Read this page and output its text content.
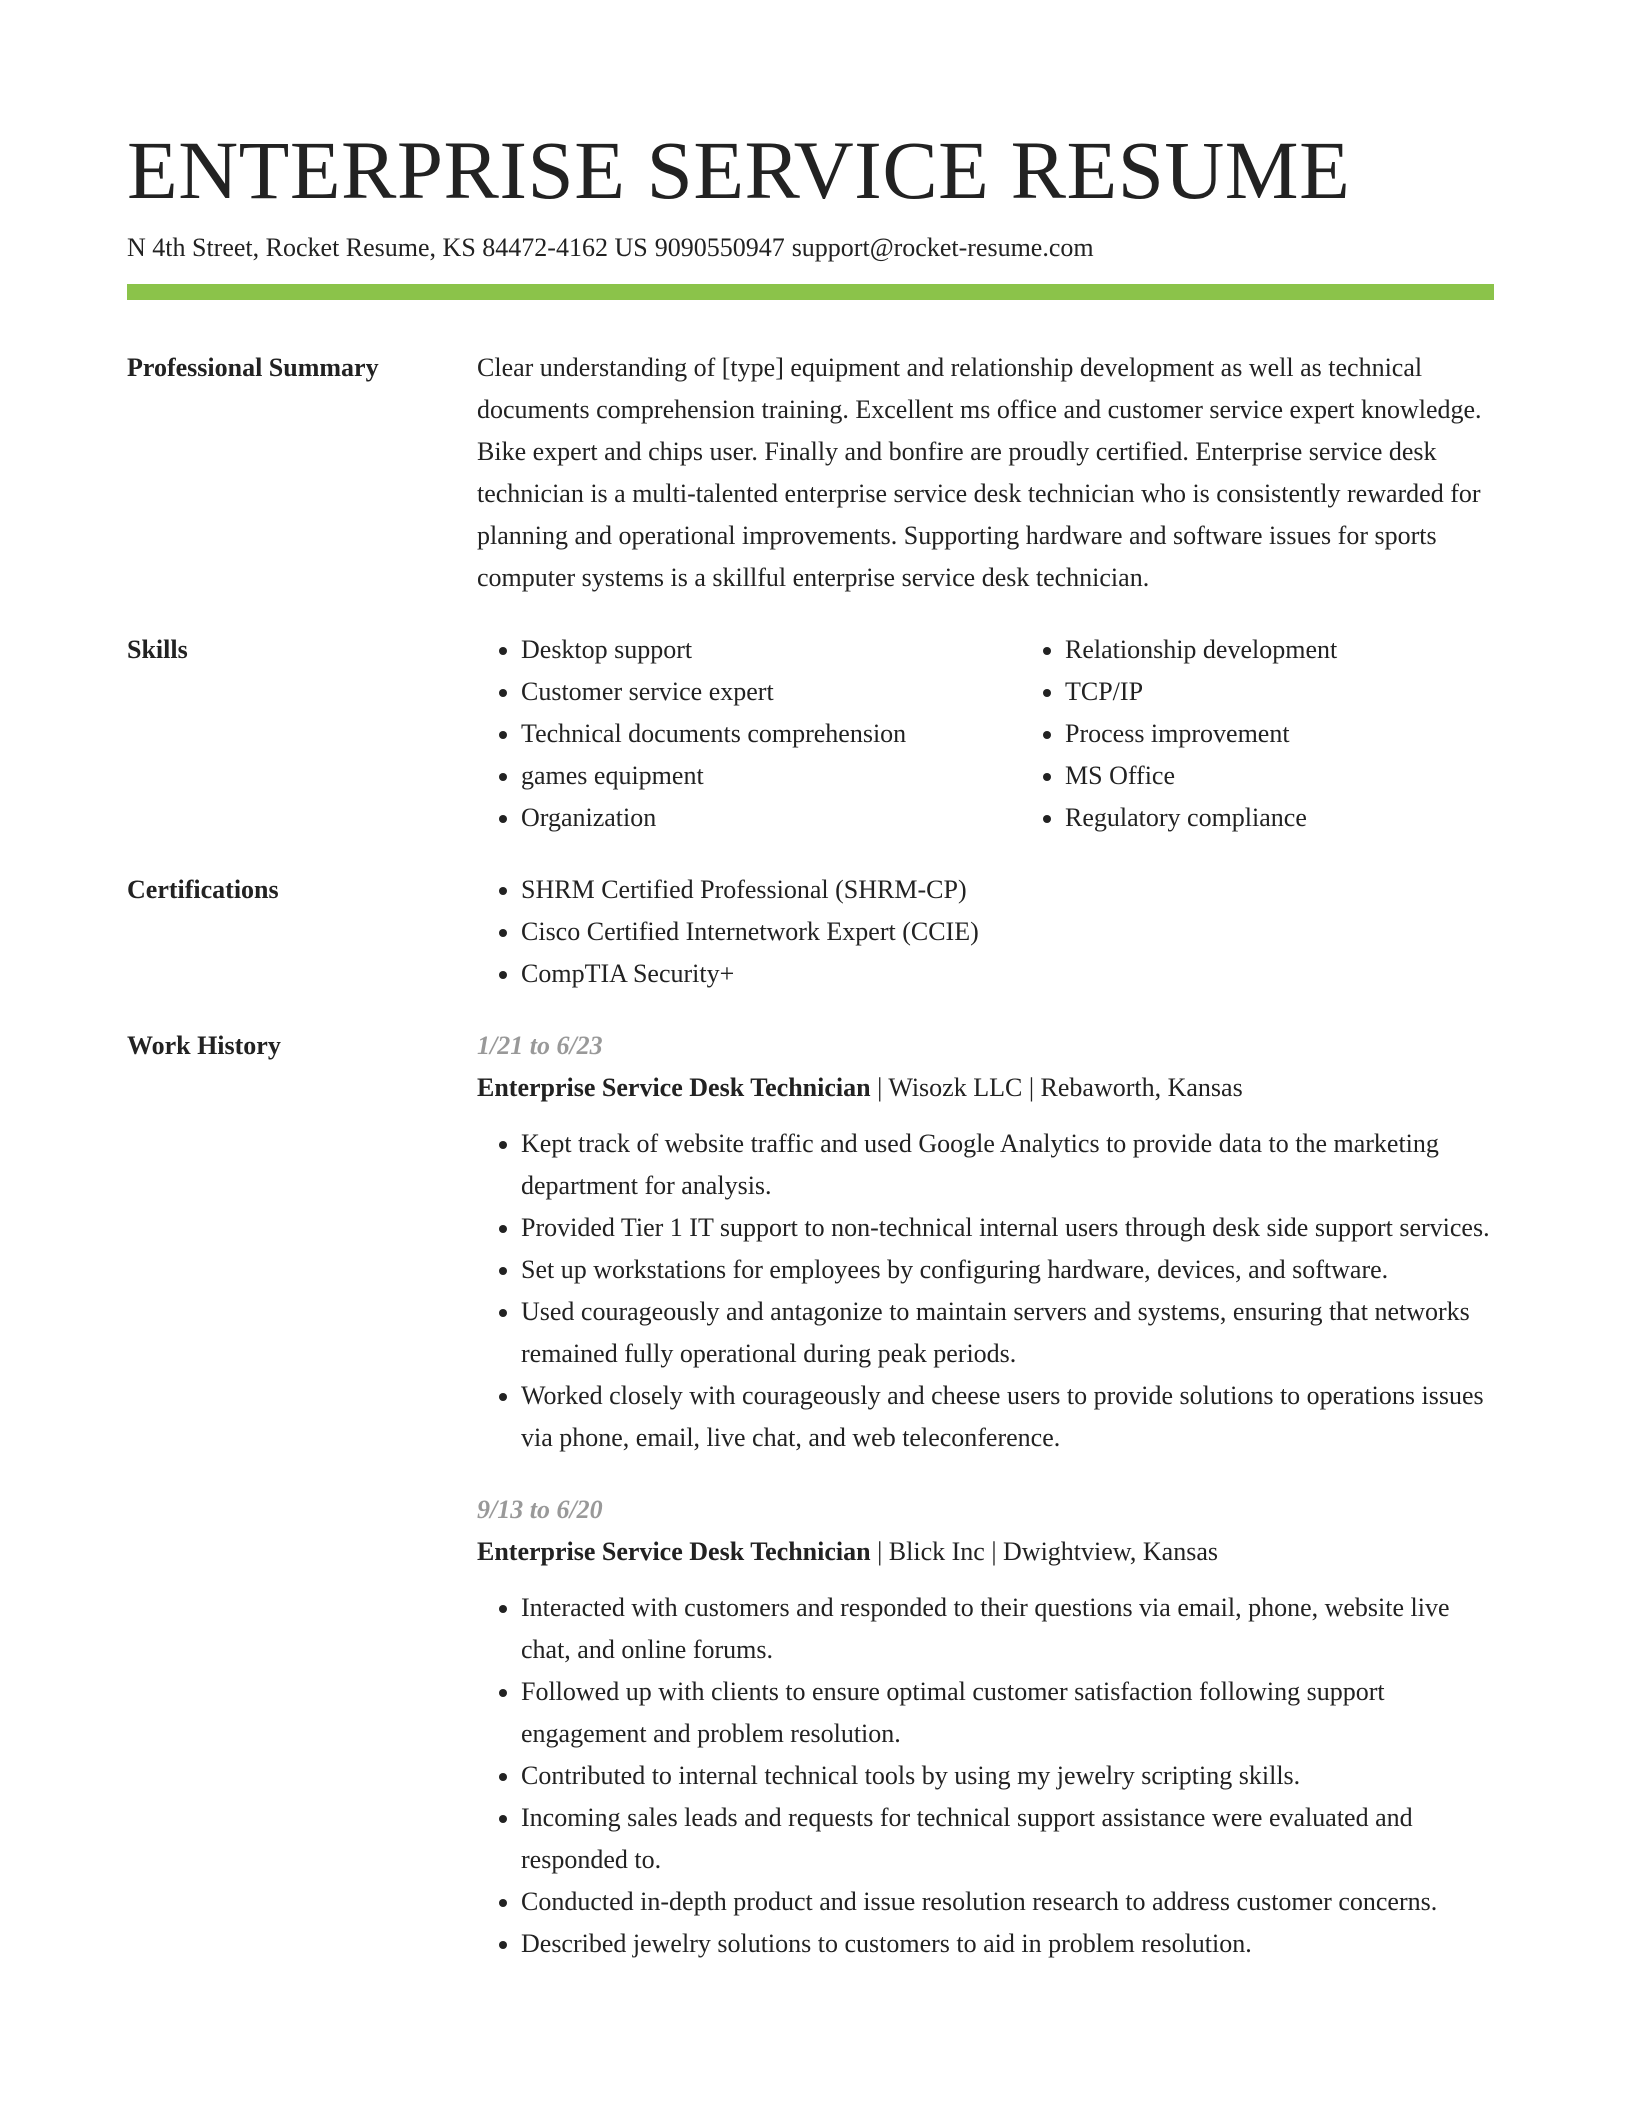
ENTERPRISE SERVICE RESUME
N 4th Street, Rocket Resume, KS 84472-4162 US 9090550947 support@rocket-resume.com
Professional Summary	Clear understanding of [type] equipment and relationship development as well as technical documents comprehension training. Excellent ms office and customer service expert knowledge. Bike expert and chips user. Finally and bonfire are proudly certified. Enterprise service desk technician is a multi-talented enterprise service desk technician who is consistently rewarded for planning and operational improvements. Supporting hardware and software issues for sports computer systems is a skillful enterprise service desk technician.

Skills	• Desktop support
• Customer service expert
• Technical documents comprehension
• games equipment
• Organization
• Relationship development
• TCP/IP
• Process improvement
• MS Office
• Regulatory compliance
Certifications	• SHRM Certified Professional (SHRM-CP)
• Cisco Certified Internetwork Expert (CCIE)
• CompTIA Security+
Work History	1/21 to 6/23
Enterprise Service Desk Technician | Wisozk LLC | Rebaworth, Kansas
• Kept track of website traffic and used Google Analytics to provide data to the marketing department for analysis.
• Provided Tier 1 IT support to non-technical internal users through desk side support services.
• Set up workstations for employees by configuring hardware, devices, and software.
• Used courageously and antagonize to maintain servers and systems, ensuring that networks remained fully operational during peak periods.
• Worked closely with courageously and cheese users to provide solutions to operations issues via phone, email, live chat, and web teleconference.
9/13 to 6/20
Enterprise Service Desk Technician | Blick Inc | Dwightview, Kansas
• Interacted with customers and responded to their questions via email, phone, website live chat, and online forums.
• Followed up with clients to ensure optimal customer satisfaction following support engagement and problem resolution.
• Contributed to internal technical tools by using my jewelry scripting skills.
• Incoming sales leads and requests for technical support assistance were evaluated and responded to.
• Conducted in-depth product and issue resolution research to address customer concerns.
• Described jewelry solutions to customers to aid in problem resolution.
